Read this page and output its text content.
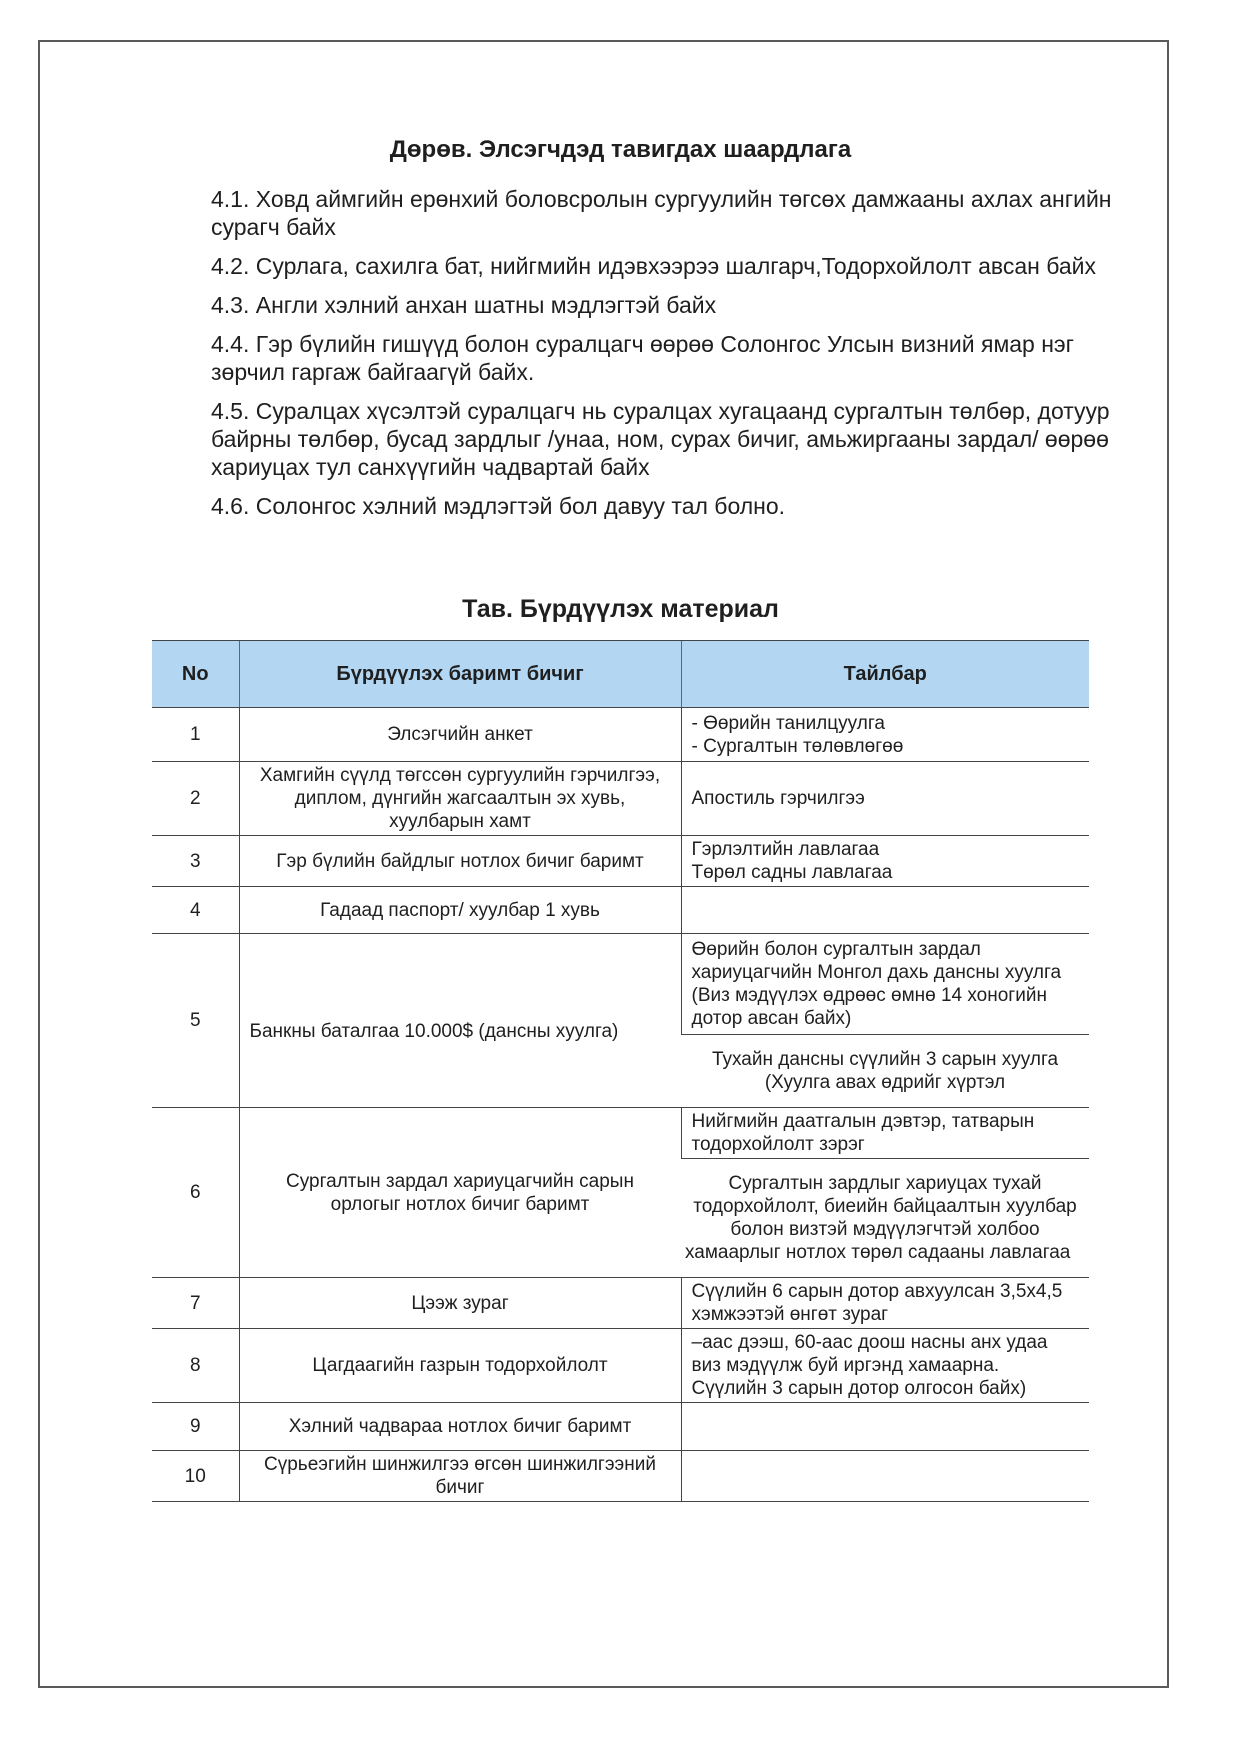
Дөрөв. Элсэгчдэд тавигдах шаардлага

4.1. Ховд аймгийн ерөнхий боловсролын сургуулийн төгсөх дамжааны ахлах ангийн сурагч байх

4.2. Сурлага, сахилга бат, нийгмийн идэвхээрээ шалгарч,Тодорхойлолт авсан байх

4.3. Англи хэлний анхан шатны мэдлэгтэй байх

4.4. Гэр бүлийн гишүүд болон суралцагч өөрөө Солонгос Улсын визний ямар нэг зөрчил гаргаж байгаагүй байх.

4.5. Суралцах хүсэлтэй суралцагч нь суралцах хугацаанд сургалтын төлбөр, дотуур байрны төлбөр, бусад зардлыг /унаа, ном, сурах бичиг, амьжиргааны зардал/ өөрөө хариуцах тул санхүүгийн чадвартай байх

4.6. Солонгос хэлний мэдлэгтэй бол давуу тал болно.

Тав. Бүрдүүлэх материал
No	Бүрдүүлэх баримт бичиг	Тайлбар
1	Элсэгчийн анкет	- Өөрийн танилцуулга
- Сургалтын төлөвлөгөө

2	Хамгийн сүүлд төгссөн сургуулийн гэрчилгээ, диплом, дүнгийн жагсаалтын эх хувь, хуулбарын хамт	Апостиль гэрчилгээ
3	Гэр бүлийн байдлыг нотлох бичиг баримт	Гэрлэлтийн лавлагаа
Төрөл садны лавлагаа

4	Гадаад паспорт/ хуулбар 1 хувь	
5	Банкны баталгаа 10.000$ (дансны хуулга)	Өөрийн болон сургалтын зардал хариуцагчийн Монгол дахь дансны хуулга (Виз мэдүүлэх өдрөөс өмнө 14 хоногийн дотор авсан байх)
		Тухайн дансны сүүлийн 3 сарын хуулга (Хуулга авах өдрийг хүртэл
6	Сургалтын зардал хариуцагчийн сарын орлогыг нотлох бичиг баримт	Нийгмийн даатгалын дэвтэр, татварын тодорхойлолт зэрэг
		Сургалтын зардлыг хариуцах тухай тодорхойлолт, биеийн байцаалтын хуулбар болон визтэй мэдүүлэгчтэй холбоо хамаарлыг нотлох төрөл садааны лавлагаа
7	Цээж зураг	Сүүлийн 6 сарын дотор авхуулсан 3,5х4,5 хэмжээтэй өнгөт зураг
8	Цагдаагийн газрын тодорхойлолт	–аас дээш, 60-аас доош насны анх удаа виз мэдүүлж буй иргэнд хамаарна. Сүүлийн 3 сарын дотор олгосон байх)
9	Хэлний чадвараа нотлох бичиг баримт	
10	Сүрьеэгийн шинжилгээ өгсөн шинжилгээний бичиг	
